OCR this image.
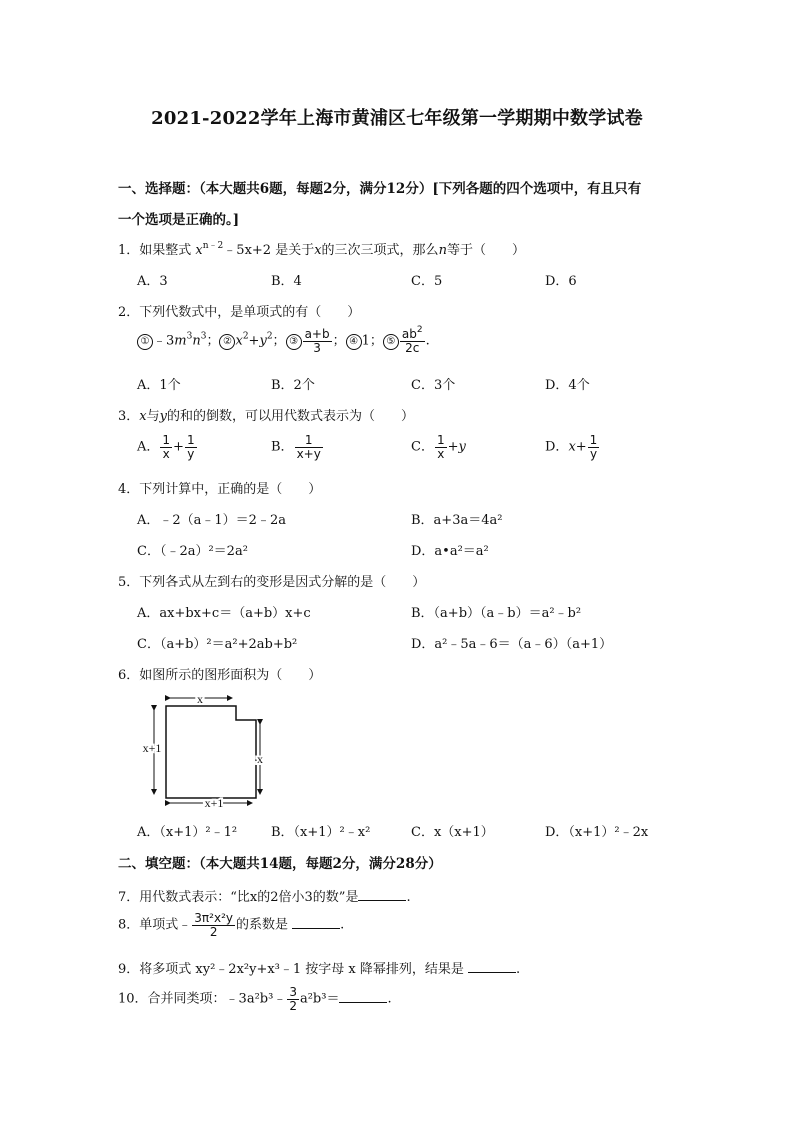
2021-2022学年上海市黄浦区七年级第一学期期中数学试卷
一、选择题：（本大题共6题，每题2分，满分12分）[下列各题的四个选项中，有且只有
一个选项是正确的。]
1．如果整式 $x^{n﹣2}﹣5x+2$ 是关于x的三次三项式，那么n等于（　　）
A．3	B．4	C．5	D．6
2．下列代数式中，是单项式的有（　　）
① $﹣3m^3n^3$； ② $x^2+y^2$； ③ $\frac{a+b}{3}$ ； ④ 1； ⑤ $\frac{ab^2}{2c}$ .
A．1个	B．2个	C．3个	D．4个
3．x与y的和的倒数，可以用代数式表示为（　　）
A． $\frac{1}{x} + \frac{1}{y}$	B． $\frac{1}{x+y}$	C． $\frac{1}{x} +y$	D．$x+ \frac{1}{y}$
4．下列计算中，正确的是（　　）
A．﹣2（a﹣1）＝2﹣2a	B．a+3a＝4a²
C．（﹣2a）²＝2a²	D．a•a²＝a²
5．下列各式从左到右的变形是因式分解的是（　　）
A．ax+bx+c＝（a+b）x+c	B．（a+b）（a﹣b）＝a²﹣b²
C．（a+b）²＝a²+2ab+b²	D．a²﹣5a﹣6＝（a﹣6）（a+1）
6．如图所示的图形面积为（　　）
x
x+1
x
x+1
A．（x+1）²﹣1²	B．（x+1）²﹣x²	C．x（x+1）	D．（x+1）²﹣2x
二、填空题：（本大题共14题，每题2分，满分28分）
7．用代数式表示：“比x的2倍小3的数”是	.
8．单项式﹣ $\frac{\text{3π²x²y}}{2}$ 的系数是	.
9．将多项式 xy²﹣2x²y+x³﹣1 按字母 x 降幂排列，结果是	.
10．合并同类项：﹣3a²b³﹣ $\frac{3}{2} a^2b^3=$	.
